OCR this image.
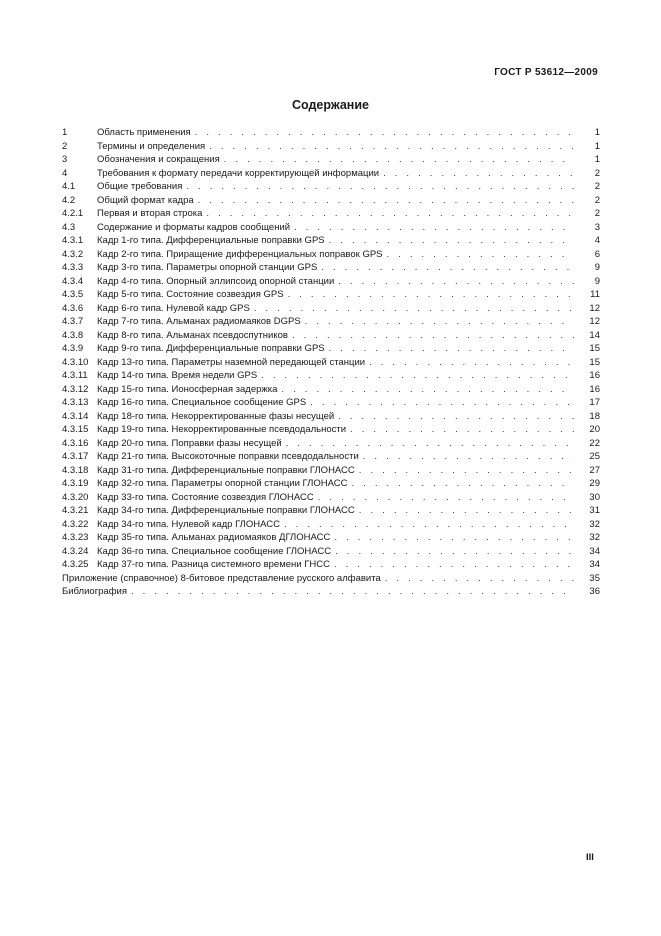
ГОСТ Р 53612—2009
Содержание
1	Область применения . . .	1
2	Термины и определения . . .	1
3	Обозначения и сокращения . . .	1
4	Требования к формату передачи корректирующей информации . . .	2
4.1	Общие требования . . .	2
4.2	Общий формат кадра . . .	2
4.2.1	Первая и вторая строка . . .	2
4.3	Содержание и форматы кадров сообщений . . .	3
4.3.1	Кадр 1-го типа. Дифференциальные поправки GPS . . .	4
4.3.2	Кадр 2-го типа. Приращение дифференциальных поправок GPS . . .	6
4.3.3	Кадр 3-го типа. Параметры опорной станции GPS . . .	9
4.3.4	Кадр 4-го типа. Опорный эллипсоид опорной станции . . .	9
4.3.5	Кадр 5-го типа. Состояние созвездия GPS . . .	11
4.3.6	Кадр 6-го типа. Нулевой кадр GPS . . .	12
4.3.7	Кадр 7-го типа. Альманах радиомаяков DGPS . . .	12
4.3.8	Кадр 8-го типа. Альманах псевдоспутников . . .	14
4.3.9	Кадр 9-го типа. Дифференциальные поправки GPS . . .	15
4.3.10 Кадр 13-го типа. Параметры наземной передающей станции . . .	15
4.3.11 Кадр 14-го типа. Время недели GPS . . .	16
4.3.12 Кадр 15-го типа. Ионосферная задержка . . .	16
4.3.13 Кадр 16-го типа. Специальное сообщение GPS . . .	17
4.3.14 Кадр 18-го типа. Некорректированные фазы несущей . . .	18
4.3.15 Кадр 19-го типа. Некорректированные псевдодальности . . .	20
4.3.16 Кадр 20-го типа. Поправки фазы несущей . . .	22
4.3.17 Кадр 21-го типа. Высокоточные поправки псевдодальности . . .	25
4.3.18 Кадр 31-го типа. Дифференциальные поправки ГЛОНАСС . . .	27
4.3.19 Кадр 32-го типа. Параметры опорной станции ГЛОНАСС . . .	29
4.3.20 Кадр 33-го типа. Состояние созвездия ГЛОНАСС . . .	30
4.3.21 Кадр 34-го типа. Дифференциальные поправки ГЛОНАСС . . .	31
4.3.22 Кадр 34-го типа. Нулевой кадр ГЛОНАСС . . .	32
4.3.23 Кадр 35-го типа. Альманах радиомаяков ДГЛОНАСС . . .	32
4.3.24 Кадр 36-го типа. Специальное сообщение ГЛОНАСС . . .	34
4.3.25 Кадр 37-го типа. Разница системного времени ГНСС . . .	34
Приложение (справочное) 8-битовое представление русского алфавита . . .	35
Библиография . . .	36
III
